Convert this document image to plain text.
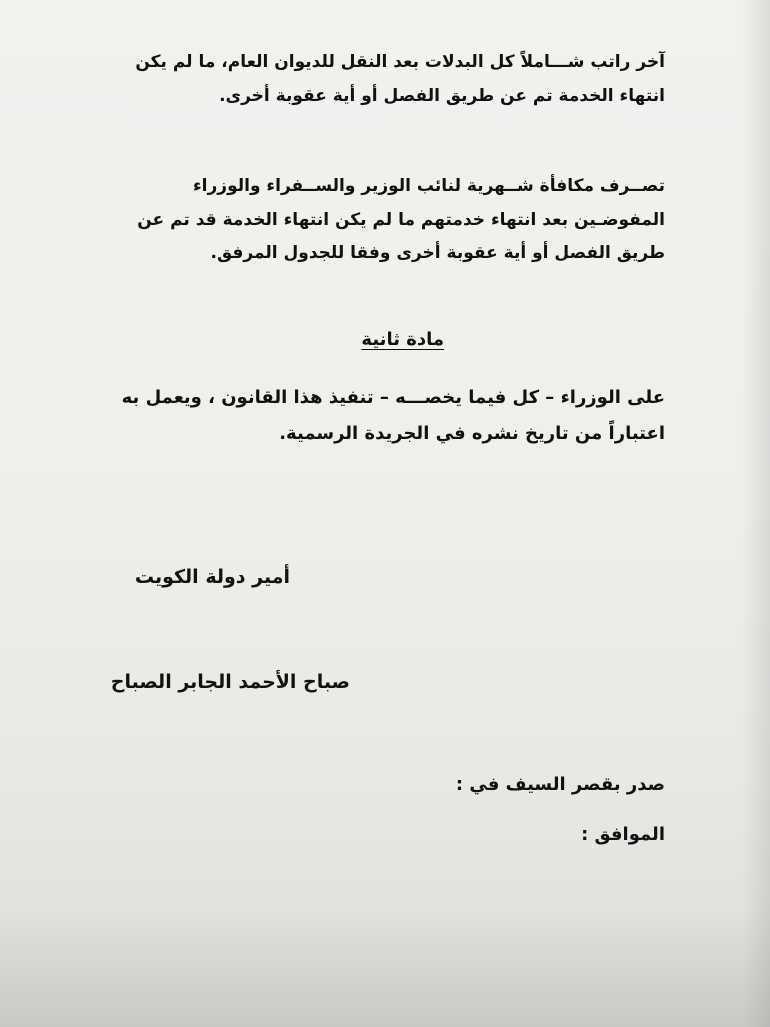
آخر راتب شـــاملاً كل البدلات بعد النقل للديوان العام، ما لم يكن
انتهاء الخدمة تم عن طريق الفصل أو أية عقوبة أخرى.
تصــرف مكافأة شــهرية لنائب الوزير والســفراء والوزراء
المفوضـين بعد انتهاء خدمتهم ما لم يكن انتهاء الخدمة قد تم عن
طريق الفصل أو أية عقوبة أخرى وفقا للجدول المرفق.
مادة ثانية
على الوزراء – كل فيما يخصـــه – تنفيذ هذا القانون ، ويعمل به
اعتباراً من تاريخ نشره في الجريدة الرسمية.
أمير دولة الكويت
صباح الأحمد الجابر الصباح
صدر بقصر السيف في :
الموافق :
